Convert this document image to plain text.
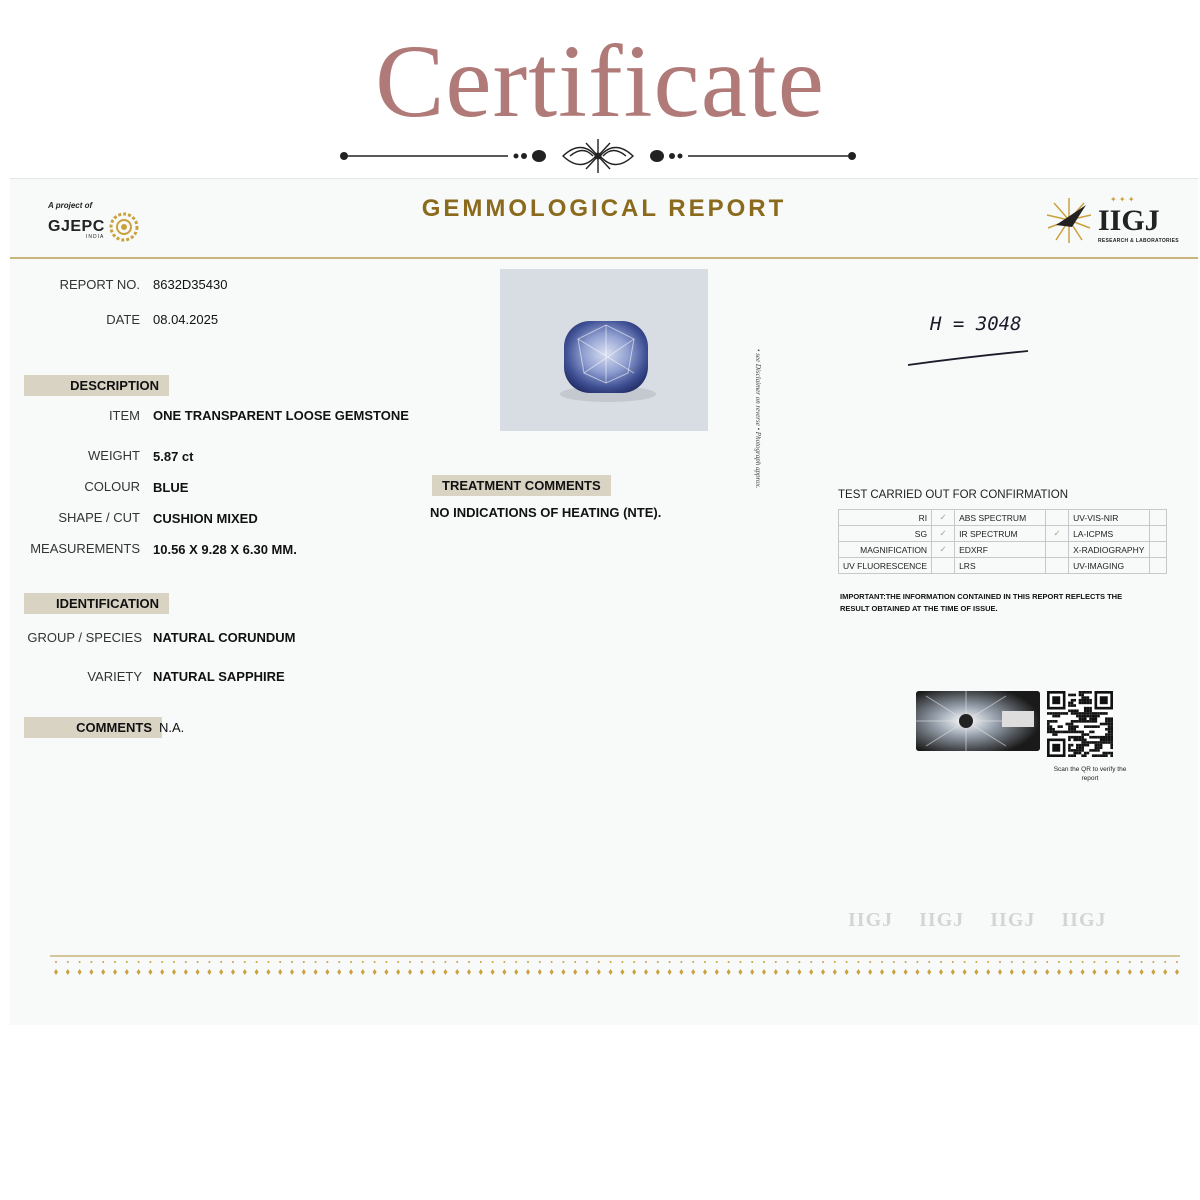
Certificate
A project of
GJEPC
INDIA
GEMMOLOGICAL REPORT	✦ ✦ ✦
IIGJ
RESEARCH & LABORATORIES
REPORT NO. 8632D35430
DATE 08.04.2025
DESCRIPTION
ITEM ONE TRANSPARENT LOOSE GEMSTONE
WEIGHT 5.87 ct
COLOUR BLUE
SHAPE / CUT CUSHION MIXED
MEASUREMENTS 10.56 X 9.28 X 6.30 MM.
IDENTIFICATION
GROUP / SPECIES NATURAL CORUNDUM
VARIETY NATURAL SAPPHIRE
COMMENTS N.A.
• see Disclaimer on reverse • Photograph approx.
TREATMENT COMMENTS
NO INDICATIONS OF HEATING (NTE).
H = 3048
TEST CARRIED OUT FOR CONFIRMATION
RI	✓	ABS SPECTRUM		UV-VIS-NIR	
SG	✓	IR SPECTRUM	✓	LA-ICPMS	
MAGNIFICATION	✓	EDXRF		X-RADIOGRAPHY	
UV FLUORESCENCE		LRS		UV-IMAGING	
IMPORTANT:THE INFORMATION CONTAINED IN THIS REPORT REFLECTS THE RESULT OBTAINED AT THE TIME OF ISSUE.
Scan the QR to verify the report
IIGJ IIGJ IIGJ IIGJ
